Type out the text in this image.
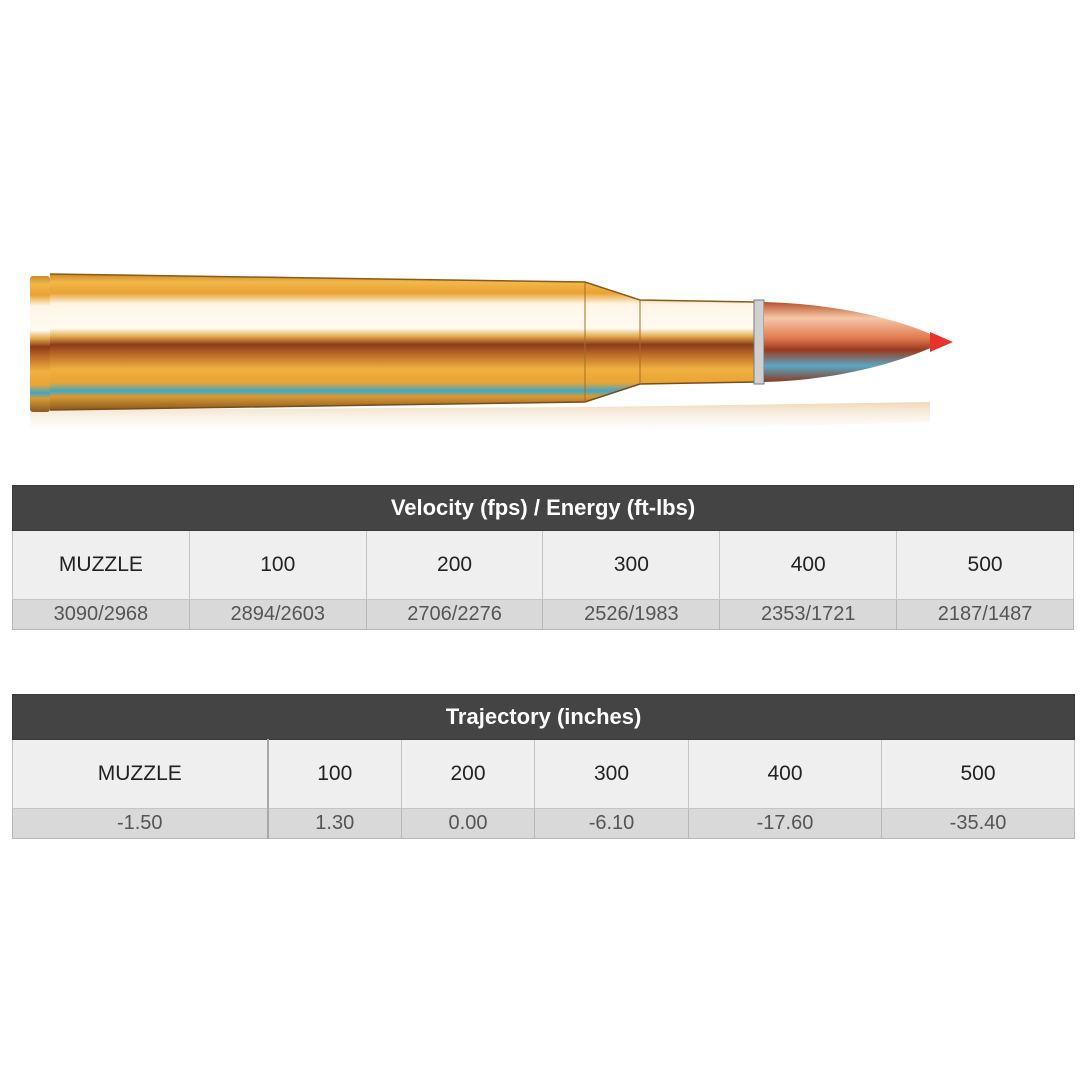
Velocity (fps) / Energy (ft-lbs)					
MUZZLE	100	200	300	400	500
3090/2968	2894/2603	2706/2276	2526/1983	2353/1721	2187/1487
Trajectory (inches)					
MUZZLE	100	200	300	400	500
-1.50	1.30	0.00	-6.10	-17.60	-35.40
